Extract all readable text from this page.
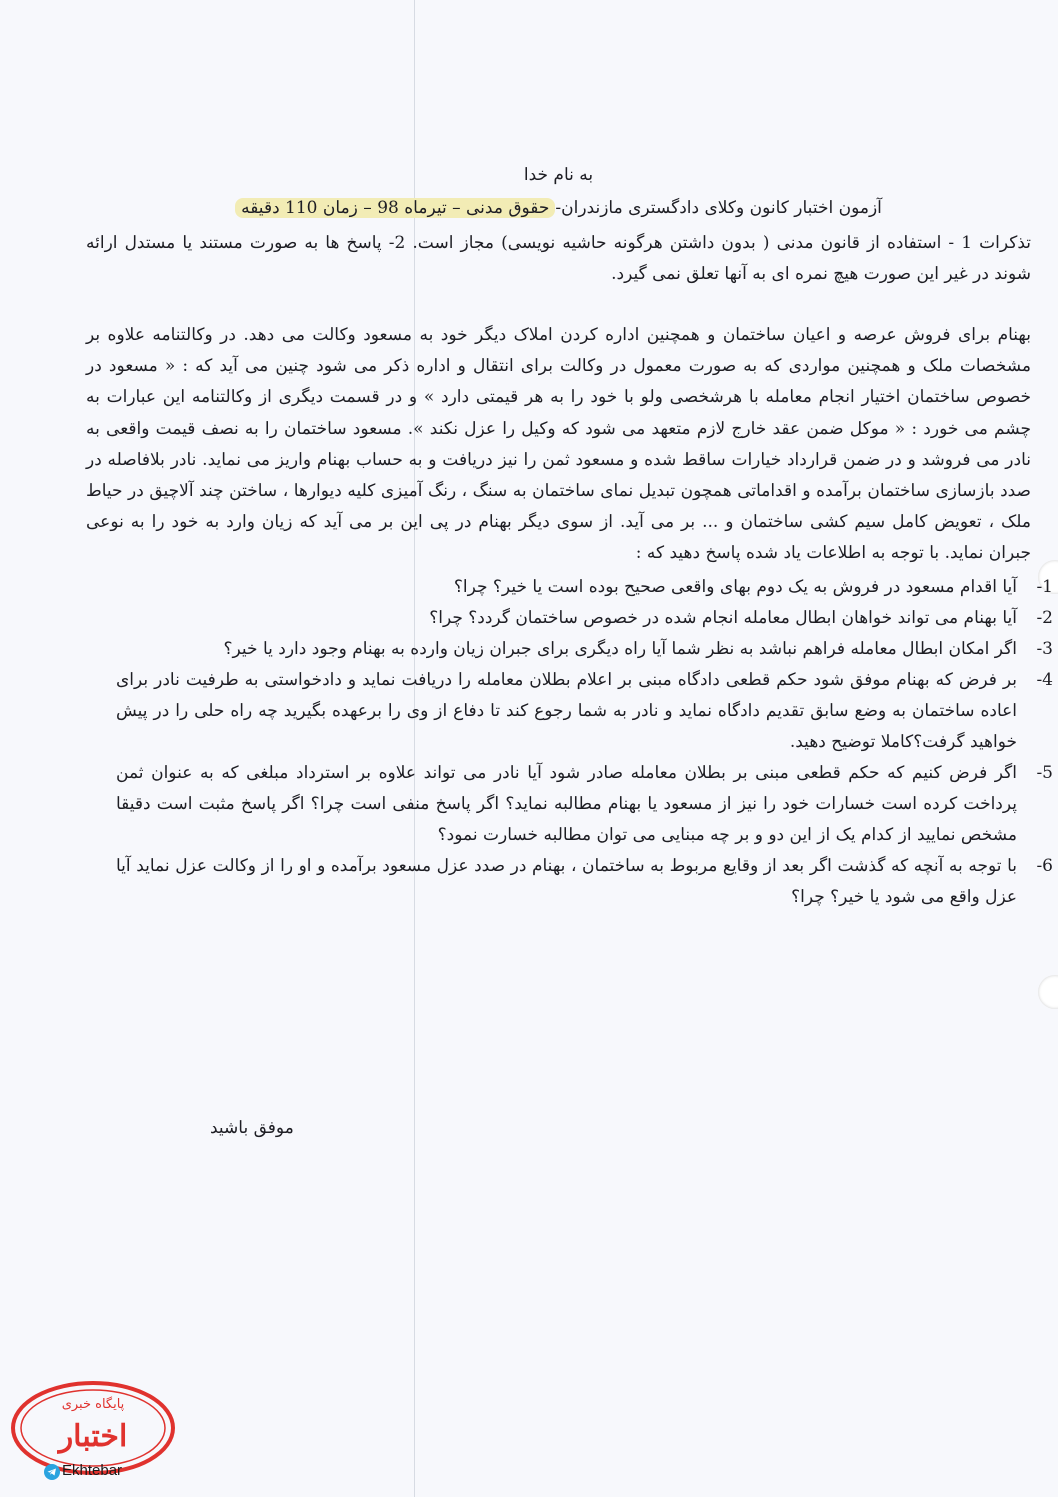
به نام خدا

آزمون اختبار کانون وکلای دادگستری مازندران-حقوق مدنی – تیرماه 98 – زمان 110 دقیقه

تذکرات 1 - استفاده از قانون مدنی ( بدون داشتن هرگونه حاشیه نویسی) مجاز است. 2- پاسخ ها به صورت مستند یا مستدل ارائه شوند در غیر این صورت هیچ نمره ای به آنها تعلق نمی گیرد.

بهنام برای فروش عرصه و اعیان ساختمان و همچنین اداره کردن املاک دیگر خود به مسعود وکالت می دهد. در وکالتنامه علاوه بر مشخصات ملک و همچنین مواردی که به صورت معمول در وکالت برای انتقال و اداره ذکر می شود چنین می آید که : « مسعود در خصوص ساختمان اختیار انجام معامله با هرشخصی ولو با خود را به هر قیمتی دارد » و در قسمت دیگری از وکالتنامه این عبارات به چشم می خورد : « موکل ضمن عقد خارج لازم متعهد می شود که وکیل را عزل نکند ». مسعود ساختمان را به نصف قیمت واقعی به نادر می فروشد و در ضمن قرارداد خیارات ساقط شده و مسعود ثمن را نیز دریافت و به حساب بهنام واریز می نماید. نادر بلافاصله در صدد بازسازی ساختمان برآمده و اقداماتی همچون تبدیل نمای ساختمان به سنگ ، رنگ آمیزی کلیه دیوارها ، ساختن چند آلاچیق در حیاط ملک ، تعویض کامل سیم کشی ساختمان و ... بر می آید. از سوی دیگر بهنام در پی این بر می آید که زیان وارد به خود را به نوعی جبران نماید. با توجه به اطلاعات یاد شده پاسخ دهید که :

-1
آیا اقدام مسعود در فروش به یک دوم بهای واقعی صحیح بوده است یا خیر؟ چرا؟
-2
آیا بهنام می تواند خواهان ابطال معامله انجام شده در خصوص ساختمان گردد؟ چرا؟
-3
اگر امکان ابطال معامله فراهم نباشد به نظر شما آیا راه دیگری برای جبران زیان وارده به بهنام وجود دارد یا خیر؟
-4
بر فرض که بهنام موفق شود حکم قطعی دادگاه مبنی بر اعلام بطلان معامله را دریافت نماید و دادخواستی به طرفیت نادر برای اعاده ساختمان به وضع سابق تقدیم دادگاه نماید و نادر به شما رجوع کند تا دفاع از وی را برعهده بگیرید چه راه حلی را در پیش خواهید گرفت؟کاملا توضیح دهید.
-5
اگر فرض کنیم که حکم قطعی مبنی بر بطلان معامله صادر شود آیا نادر می تواند علاوه بر استرداد مبلغی که به عنوان ثمن پرداخت کرده است خسارات خود را نیز از مسعود یا بهنام مطالبه نماید؟ اگر پاسخ منفی است چرا؟ اگر پاسخ مثبت است دقیقا مشخص نمایید از کدام یک از این دو و بر چه مبنایی می توان مطالبه خسارت نمود؟
-6
با توجه به آنچه که گذشت اگر بعد از وقایع مربوط به ساختمان ، بهنام در صدد عزل مسعود برآمده و او را از وکالت عزل نماید آیا عزل واقع می شود یا خیر؟ چرا؟
موفق باشید
پایگاه خبری
اختبار
Ekhtebar
